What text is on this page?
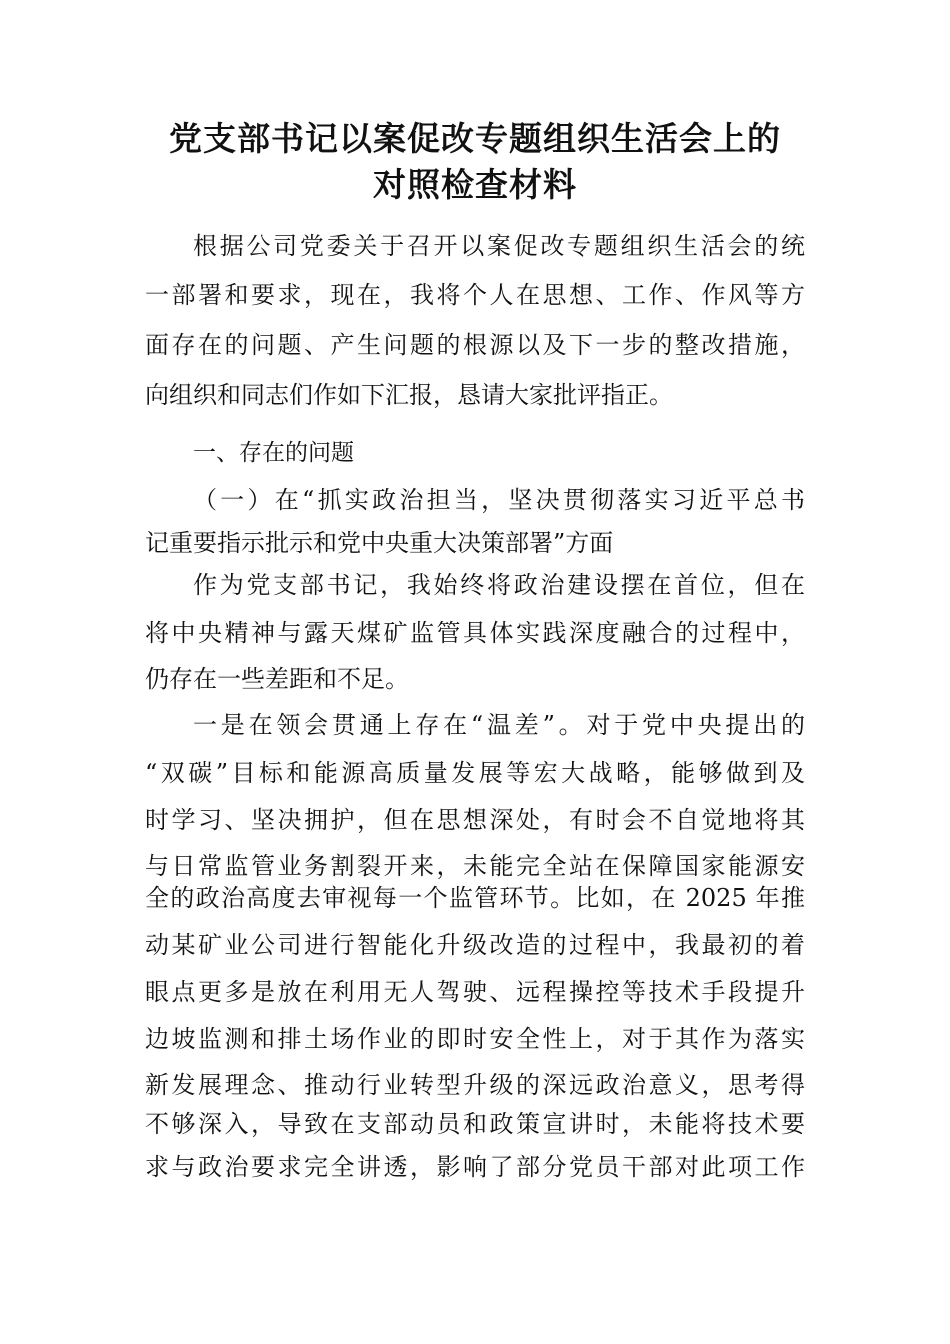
党支部书记以案促改专题组织生活会上的
对照检查材料
根据公司党委关于召开以案促改专题组织生活会的统
一部署和要求，现在，我将个人在思想、工作、作风等方
面存在的问题、产生问题的根源以及下一步的整改措施，
向组织和同志们作如下汇报，恳请大家批评指正。
一、存在的问题
（一）在“抓实政治担当，坚决贯彻落实习近平总书
记重要指示批示和党中央重大决策部署”方面
作为党支部书记，我始终将政治建设摆在首位，但在
将中央精神与露天煤矿监管具体实践深度融合的过程中，
仍存在一些差距和不足。
一是在领会贯通上存在“温差”。对于党中央提出的
“双碳”目标和能源高质量发展等宏大战略，能够做到及
时学习、坚决拥护，但在思想深处，有时会不自觉地将其
与日常监管业务割裂开来，未能完全站在保障国家能源安
全的政治高度去审视每一个监管环节。比如，在 2025 年推
动某矿业公司进行智能化升级改造的过程中，我最初的着
眼点更多是放在利用无人驾驶、远程操控等技术手段提升
边坡监测和排土场作业的即时安全性上，对于其作为落实
新发展理念、推动行业转型升级的深远政治意义，思考得
不够深入，导致在支部动员和政策宣讲时，未能将技术要
求与政治要求完全讲透，影响了部分党员干部对此项工作
